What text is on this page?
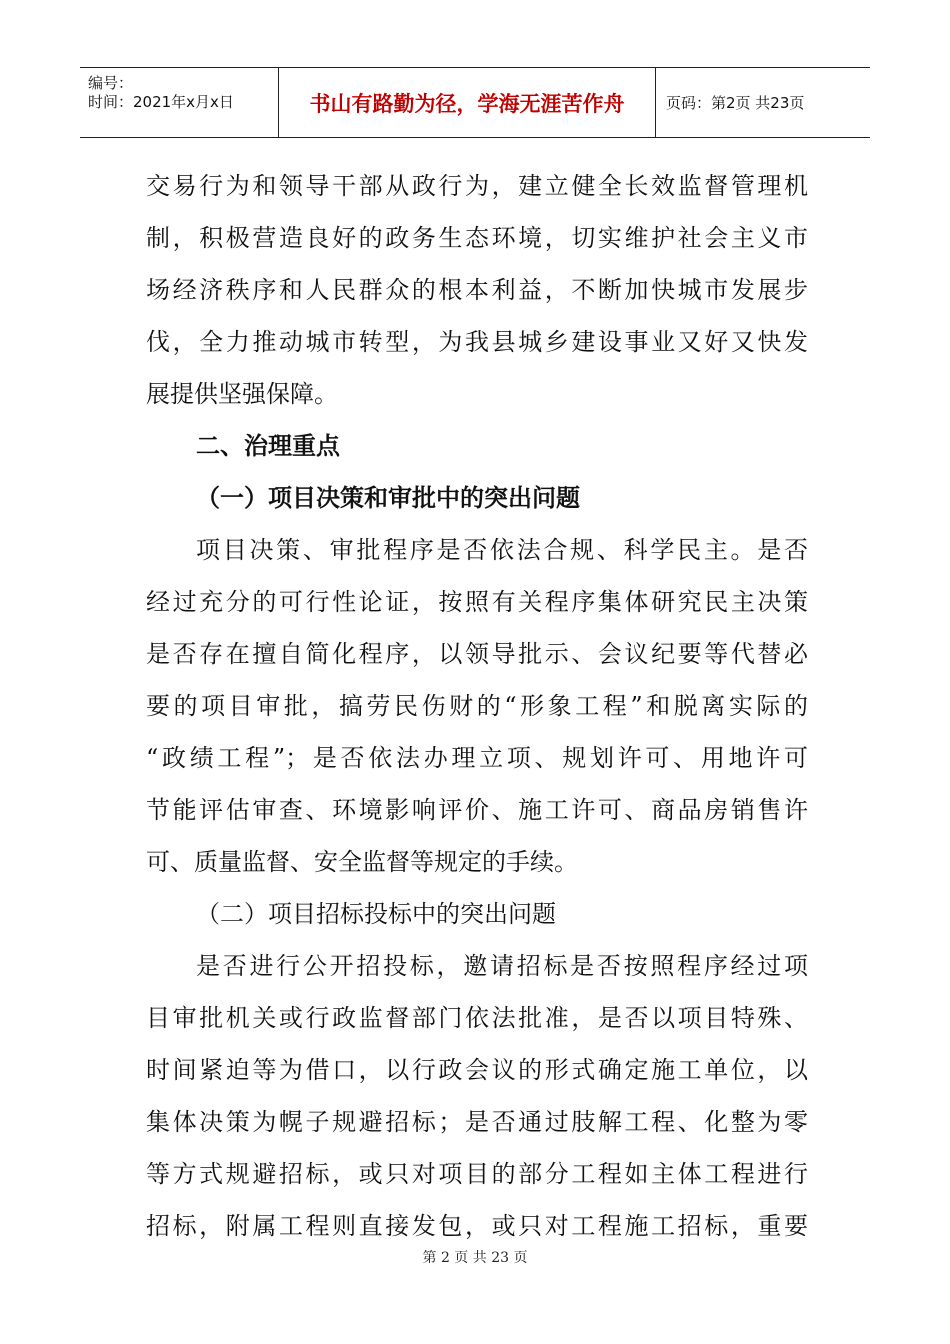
编号：
时间：2021年x月x日	书山有路勤为径，学海无涯苦作舟	页码：第2页 共23页
交易行为和领导干部从政行为，建立健全长效监督管理机
制，积极营造良好的政务生态环境，切实维护社会主义市
场经济秩序和人民群众的根本利益，不断加快城市发展步
伐，全力推动城市转型，为我县城乡建设事业又好又快发
展提供坚强保障。
二、治理重点
（一）项目决策和审批中的突出问题
项目决策、审批程序是否依法合规、科学民主。是否
经过充分的可行性论证，按照有关程序集体研究民主决策
是否存在擅自简化程序，以领导批示、会议纪要等代替必
要的项目审批，搞劳民伤财的“形象工程”和脱离实际的
“政绩工程”；是否依法办理立项、规划许可、用地许可
节能评估审查、环境影响评价、施工许可、商品房销售许
可、质量监督、安全监督等规定的手续。
（二）项目招标投标中的突出问题
是否进行公开招投标，邀请招标是否按照程序经过项
目审批机关或行政监督部门依法批准，是否以项目特殊、
时间紧迫等为借口，以行政会议的形式确定施工单位，以
集体决策为幌子规避招标；是否通过肢解工程、化整为零
等方式规避招标，或只对项目的部分工程如主体工程进行
招标，附属工程则直接发包，或只对工程施工招标，重要
第 2 页 共 23 页
